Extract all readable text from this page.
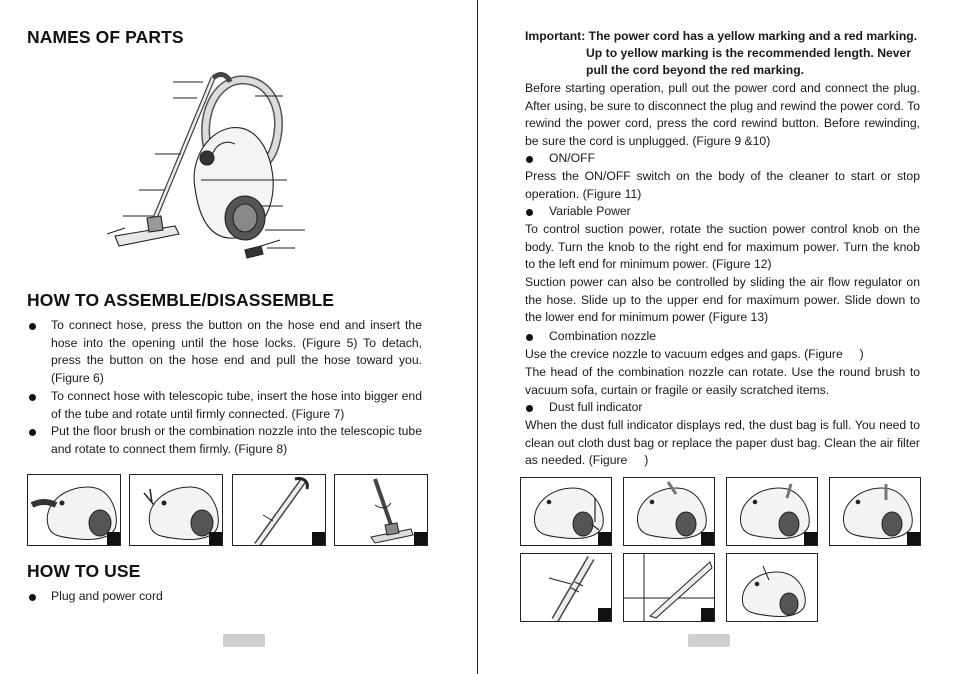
NAMES OF PARTS
HOW TO ASSEMBLE/DISASSEMBLE
To connect hose, press the button on the hose end and insert the hose into the opening until the hose locks. (Figure 5) To detach, press the button on the hose end and pull the hose toward you. (Figure 6)
To connect hose with telescopic tube, insert the hose into bigger end of the tube and rotate until firmly connected. (Figure 7)
Put the floor brush or the combination nozzle into the telescopic tube and rotate to connect them firmly. (Figure 8)
HOW TO USE
Plug and power cord
Important: The power cord has a yellow marking and a red marking.
Up to yellow marking is the recommended length. Never
pull the cord beyond the red marking.
Before starting operation, pull out the power cord and connect the plug. After using, be sure to disconnect the plug and rewind the power cord. To rewind the power cord, press the cord rewind button. Before rewinding, be sure the cord is unplugged. (Figure 9 &10)
ON/OFF
Press the ON/OFF switch on the body of the cleaner to start or stop operation. (Figure 11)
Variable Power
To control suction power, rotate the suction power control knob on the body. Turn the knob to the right end for maximum power. Turn the knob to the left end for minimum power. (Figure 12)
Suction power can also be controlled by sliding the air flow regulator on the hose. Slide up to the upper end for maximum power. Slide down to the lower end for minimum power (Figure 13)
Combination nozzle
Use the crevice nozzle to vacuum edges and gaps. (Figure     )
The head of the combination nozzle can rotate. Use the round brush to vacuum sofa, curtain or fragile or easily scratched items.
Dust full indicator
When the dust full indicator displays red, the dust bag is full. You need to clean out cloth dust bag or replace the paper dust bag. Clean the air filter as needed. (Figure     )
